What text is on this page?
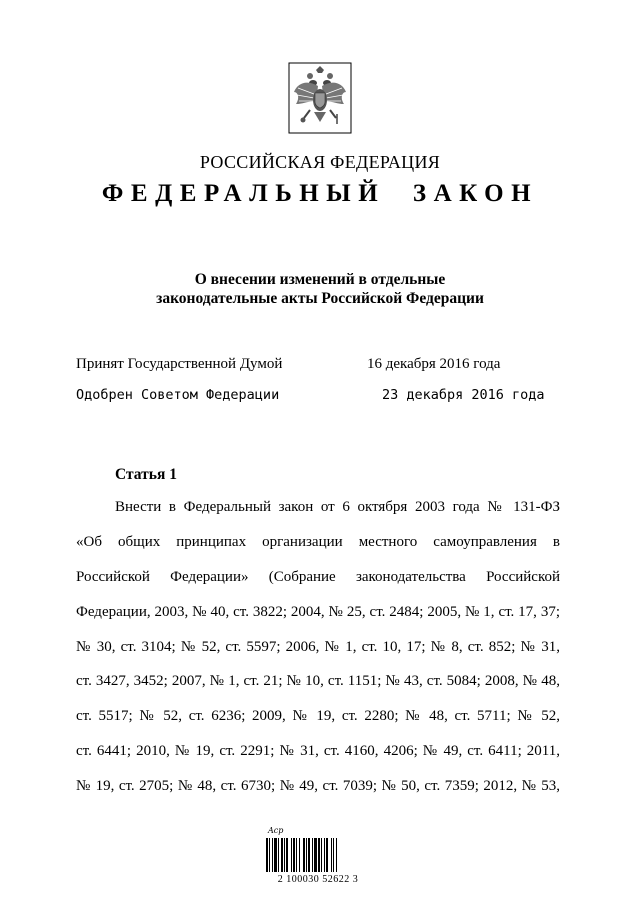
РОССИЙСКАЯ ФЕДЕРАЦИЯ
ФЕДЕРАЛЬНЫЙ ЗАКОН
О внесении изменений в отдельные
законодательные акты Российской Федерации
Принят Государственной Думой	16 декабря 2016 года
Одобрен Советом Федерации	23 декабря 2016 года
Статья 1
Внести в Федеральный закон от 6 октября 2003 года № 131-ФЗ
«Об общих принципах организации местного самоуправления в
Российской Федерации» (Собрание законодательства Российской
Федерации, 2003, № 40, ст. 3822; 2004, № 25, ст. 2484; 2005, № 1, ст. 17, 37;
№ 30, ст. 3104; № 52, ст. 5597; 2006, № 1, ст. 10, 17; № 8, ст. 852; № 31,
ст. 3427, 3452; 2007, № 1, ст. 21; № 10, ст. 1151; № 43, ст. 5084; 2008, № 48,
ст. 5517; № 52, ст. 6236; 2009, № 19, ст. 2280; № 48, ст. 5711; № 52,
ст. 6441; 2010, № 19, ст. 2291; № 31, ст. 4160, 4206; № 49, ст. 6411; 2011,
№ 19, ст. 2705; № 48, ст. 6730; № 49, ст. 7039; № 50, ст. 7359; 2012, № 53,
Acp
2 100030 52622 3
